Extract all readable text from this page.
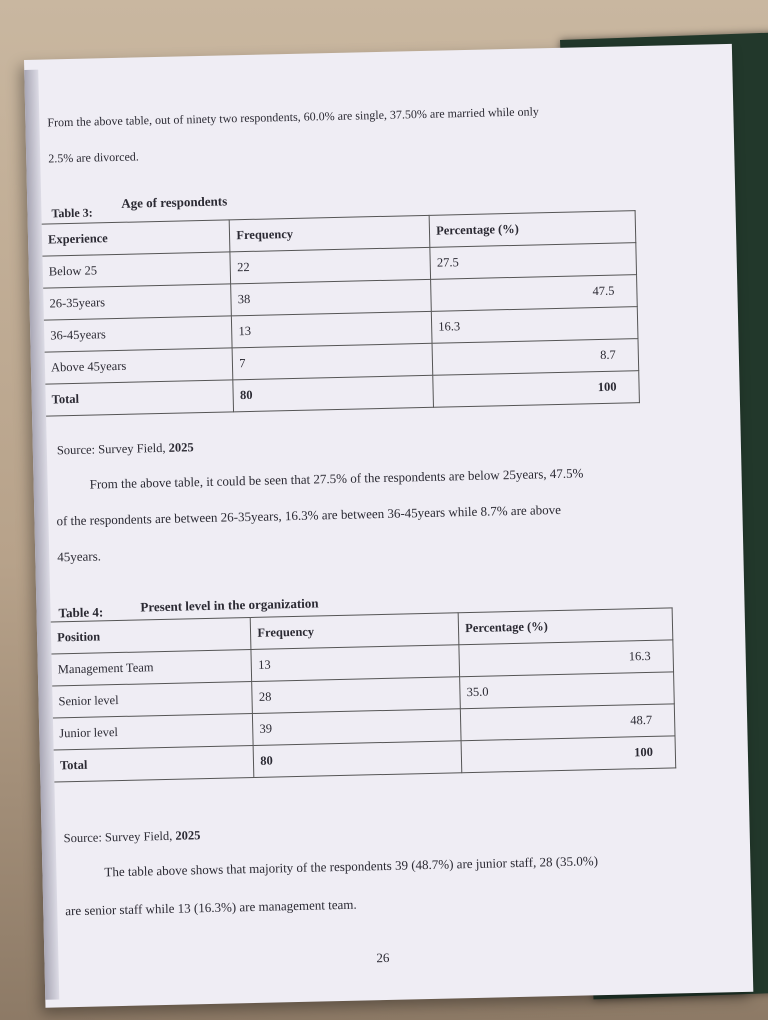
From the above table, out of ninety two respondents, 60.0% are single, 37.50% are married while only
2.5% are divorced.
Table 3:
Age of respondents
Experience	Frequency	Percentage (%)
Below 25	22	27.5
26-35years	38	47.5
36-45years	13	16.3
Above 45years	7	8.7
Total	80	100
Source: Survey Field, 2025
From the above table, it could be seen that 27.5% of the respondents are below 25years, 47.5%
of the respondents are between 26-35years, 16.3% are between 36-45years while 8.7% are above
45years.
Table 4:	Present level in the organization
Position	Frequency	Percentage (%)
Management Team	13	16.3
Senior level	28	35.0
Junior level	39	48.7
Total	80	100
Source: Survey Field, 2025
The table above shows that majority of the respondents 39 (48.7%) are junior staff, 28 (35.0%)
are senior staff while 13 (16.3%) are management team.
26
